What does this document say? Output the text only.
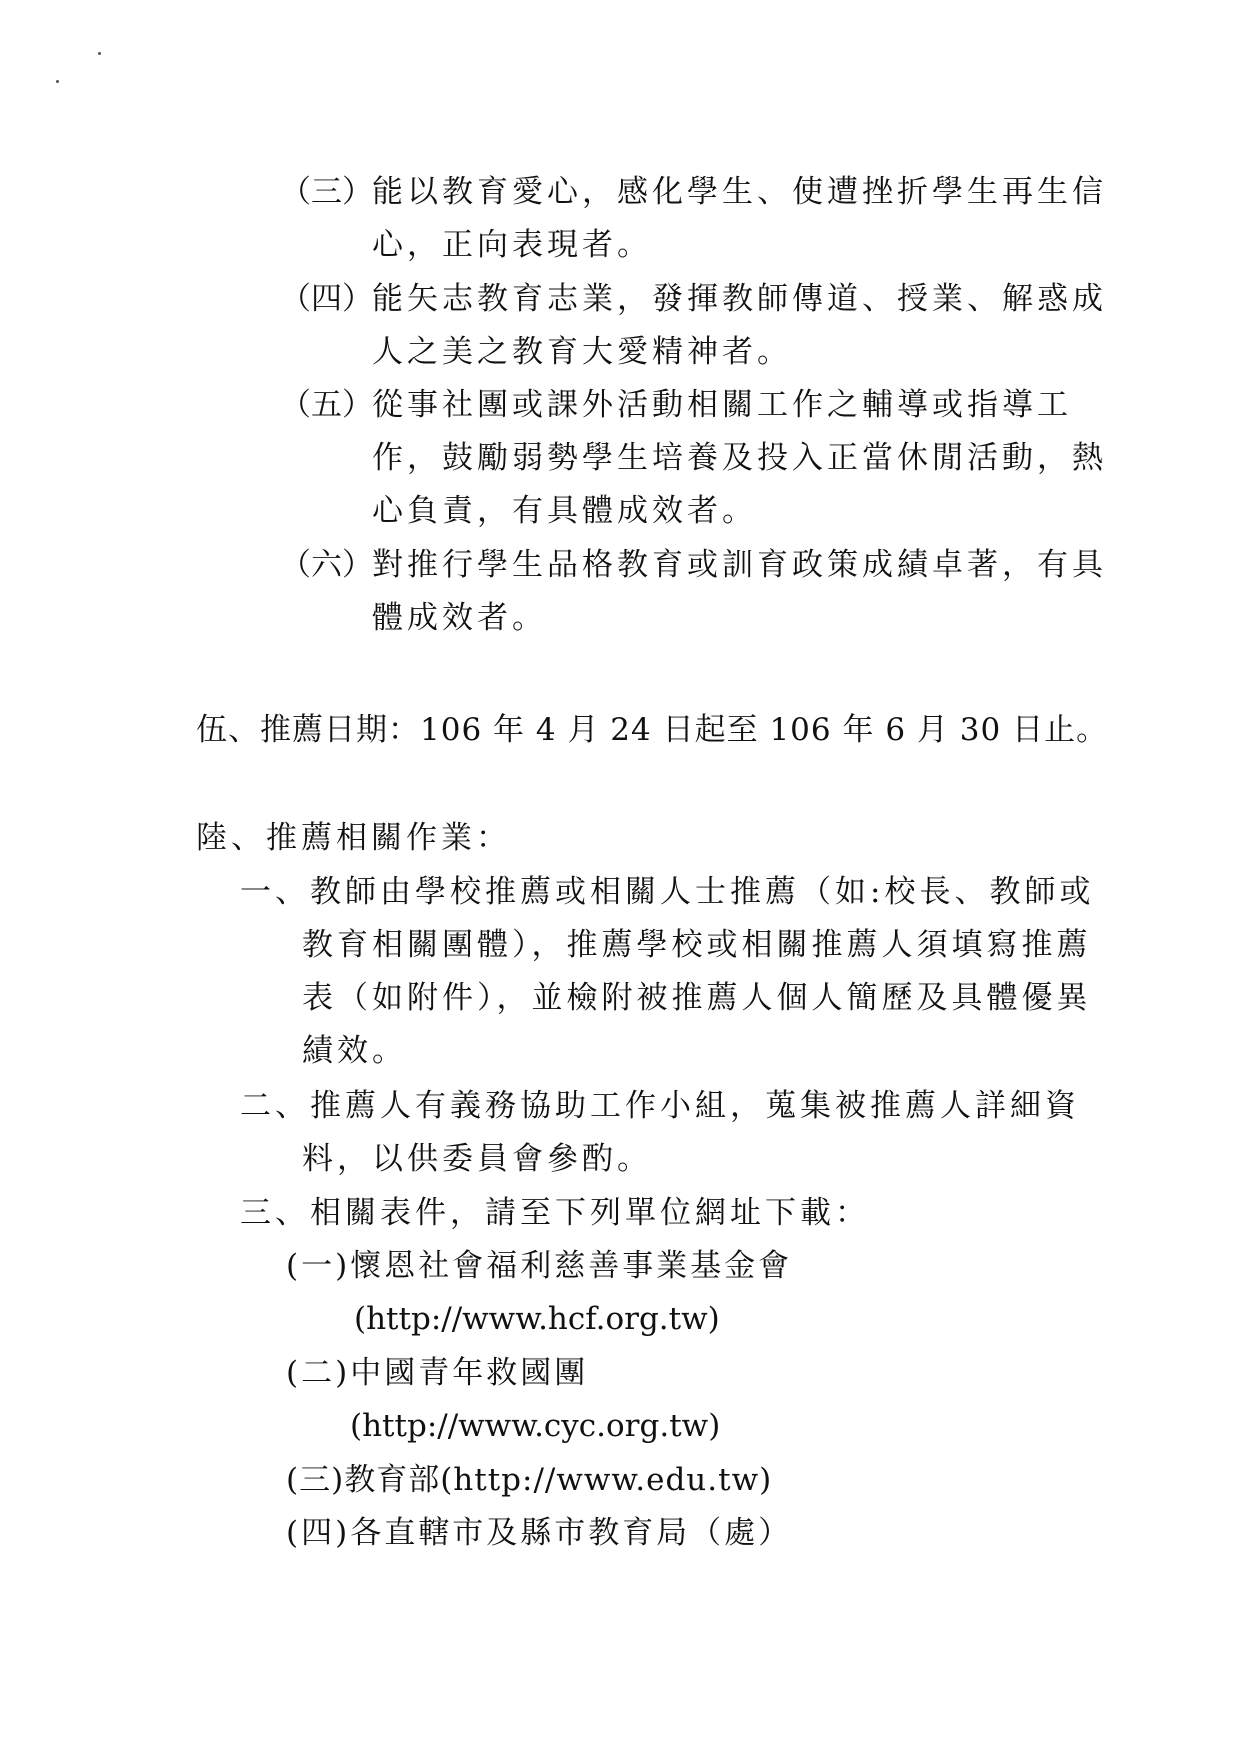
（三） 能以教育愛心，感化學生、使遭挫折學生再生信
心，正向表現者。
（四） 能矢志教育志業，發揮教師傳道、授業、解惑成
人之美之教育大愛精神者。
（五） 從事社團或課外活動相關工作之輔導或指導工
作，鼓勵弱勢學生培養及投入正當休閒活動，熱
心負責，有具體成效者。
（六） 對推行學生品格教育或訓育政策成績卓著，有具
體成效者。
伍、推薦日期：106 年 4 月 24 日起至 106 年 6 月 30 日止。
陸、推薦相關作業：
一、教師由學校推薦或相關人士推薦（如:校長、教師或
教育相關團體），推薦學校或相關推薦人須填寫推薦
表（如附件），並檢附被推薦人個人簡歷及具體優異
績效。
二、推薦人有義務協助工作小組，蒐集被推薦人詳細資
料，以供委員會參酌。
三、相關表件，請至下列單位網址下載：
(一)懷恩社會福利慈善事業基金會
(http://www.hcf.org.tw)
(二)中國青年救國團
(http://www.cyc.org.tw)
(三)教育部(http://www.edu.tw)
(四)各直轄市及縣市教育局（處）
